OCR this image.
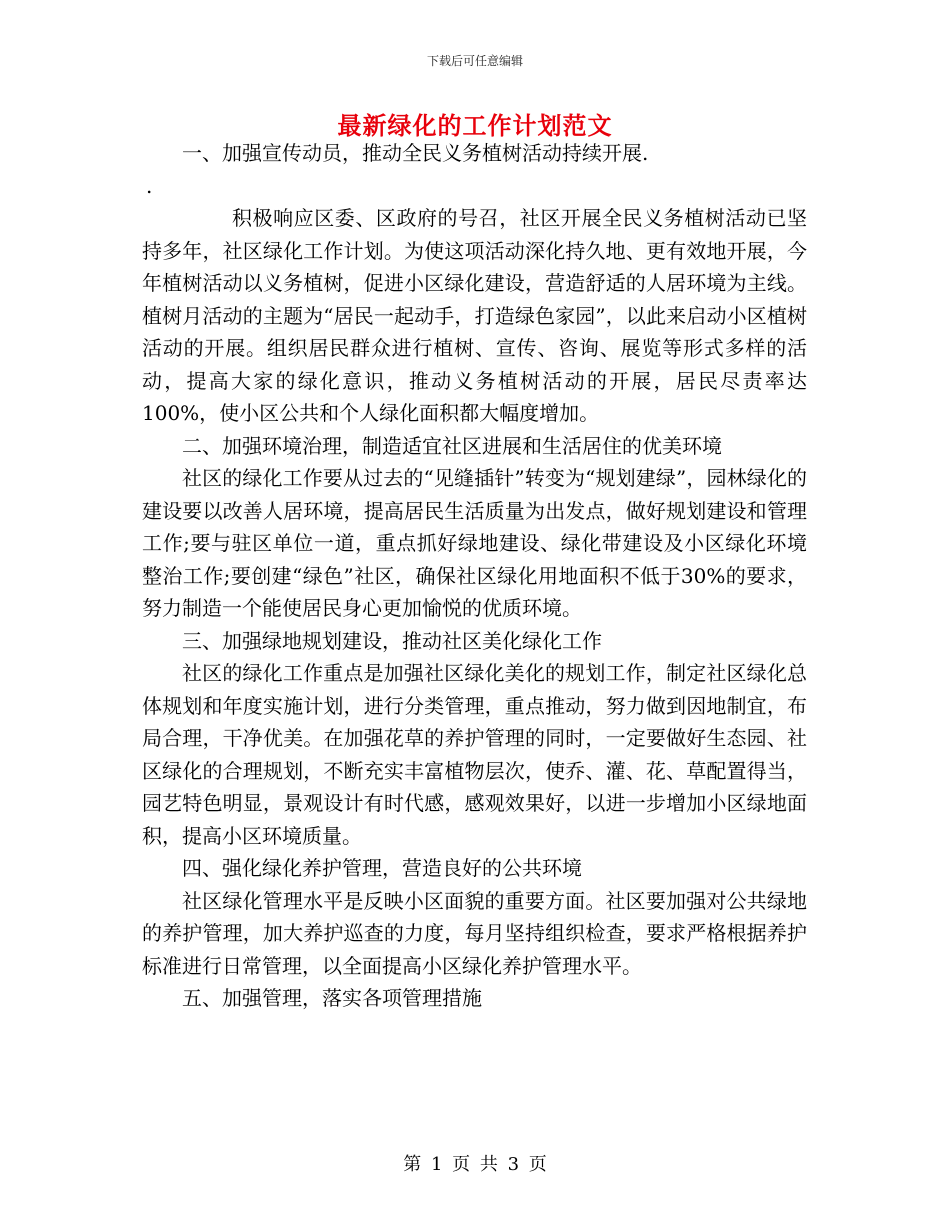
下载后可任意编辑
最新绿化的工作计划范文

一、加强宣传动员，推动全民义务植树活动持续开展.

.

积极响应区委、区政府的号召，社区开展全民义务植树活动已坚持多年，社区绿化工作计划。为使这项活动深化持久地、更有效地开展，今年植树活动以义务植树，促进小区绿化建设，营造舒适的人居环境为主线。植树月活动的主题为“居民一起动手，打造绿色家园”，以此来启动小区植树活动的开展。组织居民群众进行植树、宣传、咨询、展览等形式多样的活动，提高大家的绿化意识，推动义务植树活动的开展，居民尽责率达100%，使小区公共和个人绿化面积都大幅度增加。

二、加强环境治理，制造适宜社区进展和生活居住的优美环境

社区的绿化工作要从过去的“见缝插针”转变为“规划建绿”，园林绿化的建设要以改善人居环境，提高居民生活质量为出发点，做好规划建设和管理工作;要与驻区单位一道，重点抓好绿地建设、绿化带建设及小区绿化环境整治工作;要创建“绿色”社区，确保社区绿化用地面积不低于30%的要求，努力制造一个能使居民身心更加愉悦的优质环境。

三、加强绿地规划建设，推动社区美化绿化工作

社区的绿化工作重点是加强社区绿化美化的规划工作，制定社区绿化总体规划和年度实施计划，进行分类管理，重点推动，努力做到因地制宜，布局合理，干净优美。在加强花草的养护管理的同时，一定要做好生态园、社区绿化的合理规划，不断充实丰富植物层次，使乔、灌、花、草配置得当，园艺特色明显，景观设计有时代感，感观效果好，以进一步增加小区绿地面积，提高小区环境质量。

四、强化绿化养护管理，营造良好的公共环境

社区绿化管理水平是反映小区面貌的重要方面。社区要加强对公共绿地的养护管理，加大养护巡查的力度，每月坚持组织检查，要求严格根据养护标准进行日常管理，以全面提高小区绿化养护管理水平。

五、加强管理，落实各项管理措施

第 1 页 共 3 页
